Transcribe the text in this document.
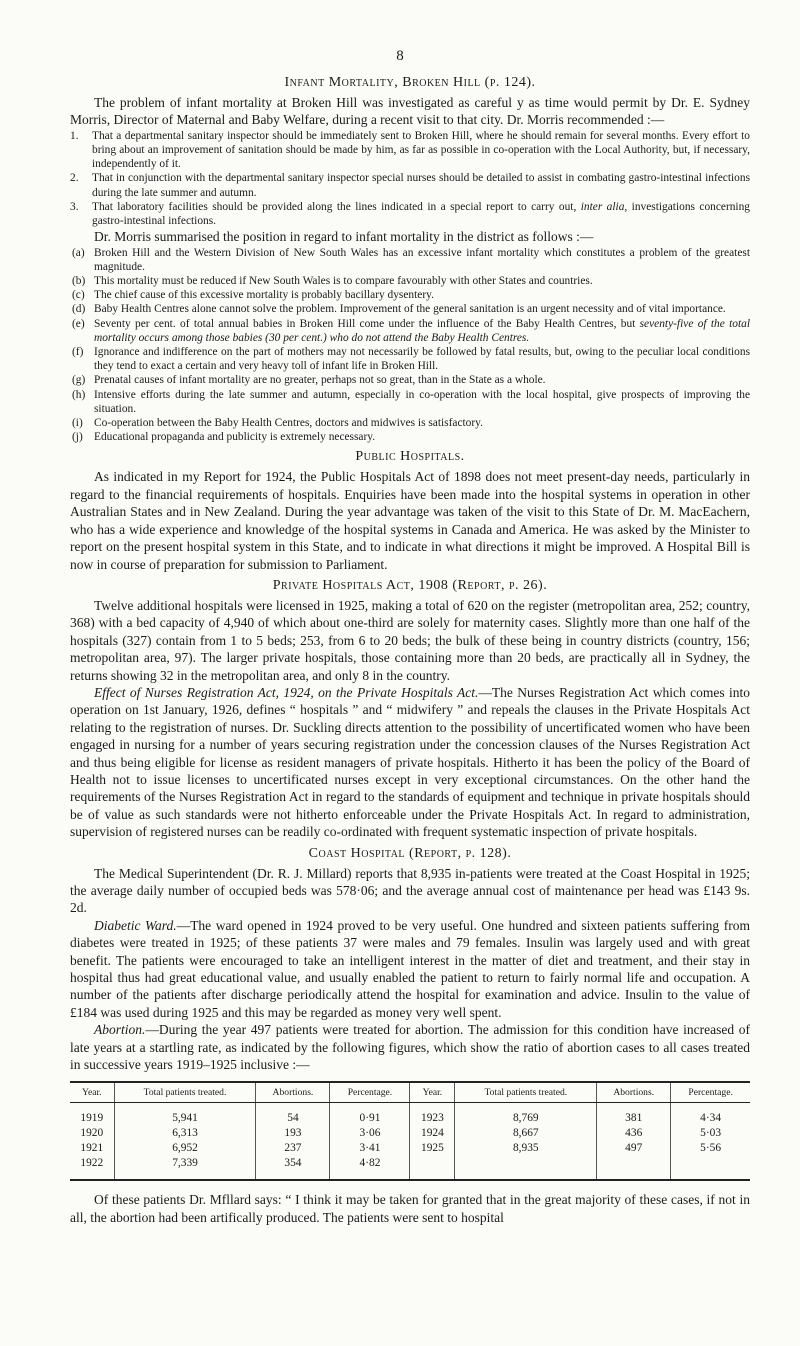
8
Infant Mortality, Broken Hill (p. 124).

The problem of infant mortality at Broken Hill was investigated as careful y as time would permit by Dr. E. Sydney Morris, Director of Maternal and Baby Welfare, during a recent visit to that city. Dr. Morris recommended :—

1. That a departmental sanitary inspector should be immediately sent to Broken Hill, where he should remain for several months. Every effort to bring about an improvement of sanitation should be made by him, as far as possible in co-operation with the Local Authority, but, if necessary, independently of it.
2. That in conjunction with the departmental sanitary inspector special nurses should be detailed to assist in combating gastro-intestinal infections during the late summer and autumn.
3. That laboratory facilities should be provided along the lines indicated in a special report to carry out, inter alia, investigations concerning gastro-intestinal infections.

Dr. Morris summarised the position in regard to infant mortality in the district as follows :—

(a) Broken Hill and the Western Division of New South Wales has an excessive infant mortality which constitutes a problem of the greatest magnitude.
(b) This mortality must be reduced if New South Wales is to compare favourably with other States and countries.
(c) The chief cause of this excessive mortality is probably bacillary dysentery.
(d) Baby Health Centres alone cannot solve the problem. Improvement of the general sanitation is an urgent necessity and of vital importance.
(e) Seventy per cent. of total annual babies in Broken Hill come under the influence of the Baby Health Centres, but seventy-five of the total mortality occurs among those babies (30 per cent.) who do not attend the Baby Health Centres.
(f) Ignorance and indifference on the part of mothers may not necessarily be followed by fatal results, but, owing to the peculiar local conditions they tend to exact a certain and very heavy toll of infant life in Broken Hill.
(g) Prenatal causes of infant mortality are no greater, perhaps not so great, than in the State as a whole.
(h) Intensive efforts during the late summer and autumn, especially in co-operation with the local hospital, give prospects of improving the situation.
(i) Co-operation between the Baby Health Centres, doctors and midwives is satisfactory.
(j) Educational propaganda and publicity is extremely necessary.
Public Hospitals.

As indicated in my Report for 1924, the Public Hospitals Act of 1898 does not meet present-day needs, particularly in regard to the financial requirements of hospitals. Enquiries have been made into the hospital systems in operation in other Australian States and in New Zealand. During the year advantage was taken of the visit to this State of Dr. M. MacEachern, who has a wide experience and knowledge of the hospital systems in Canada and America. He was asked by the Minister to report on the present hospital system in this State, and to indicate in what directions it might be improved. A Hospital Bill is now in course of preparation for submission to Parliament.

Private Hospitals Act, 1908 (Report, p. 26).

Twelve additional hospitals were licensed in 1925, making a total of 620 on the register (metropolitan area, 252; country, 368) with a bed capacity of 4,940 of which about one-third are solely for maternity cases. Slightly more than one half of the hospitals (327) contain from 1 to 5 beds; 253, from 6 to 20 beds; the bulk of these being in country districts (country, 156; metropolitan area, 97). The larger private hospitals, those containing more than 20 beds, are practically all in Sydney, the returns showing 32 in the metropolitan area, and only 8 in the country.

Effect of Nurses Registration Act, 1924, on the Private Hospitals Act.—The Nurses Registration Act which comes into operation on 1st January, 1926, defines “ hospitals ” and “ midwifery ” and repeals the clauses in the Private Hospitals Act relating to the registration of nurses. Dr. Suckling directs attention to the possibility of uncertificated women who have been engaged in nursing for a number of years securing registration under the concession clauses of the Nurses Registration Act and thus being eligible for license as resident managers of private hospitals. Hitherto it has been the policy of the Board of Health not to issue licenses to uncertificated nurses except in very exceptional circumstances. On the other hand the requirements of the Nurses Registration Act in regard to the standards of equipment and technique in private hospitals should be of value as such standards were not hitherto enforceable under the Private Hospitals Act. In regard to administration, supervision of registered nurses can be readily co-ordinated with frequent systematic inspection of private hospitals.

Coast Hospital (Report, p. 128).

The Medical Superintendent (Dr. R. J. Millard) reports that 8,935 in-patients were treated at the Coast Hospital in 1925; the average daily number of occupied beds was 578·06; and the average annual cost of maintenance per head was £143 9s. 2d.

Diabetic Ward.—The ward opened in 1924 proved to be very useful. One hundred and sixteen patients suffering from diabetes were treated in 1925; of these patients 37 were males and 79 females. Insulin was largely used and with great benefit. The patients were encouraged to take an intelligent interest in the matter of diet and treatment, and their stay in hospital thus had great educational value, and usually enabled the patient to return to fairly normal life and occupation. A number of the patients after discharge periodically attend the hospital for examination and advice. Insulin to the value of £184 was used during 1925 and this may be regarded as money very well spent.

Abortion.—During the year 497 patients were treated for abortion. The admission for this condition have increased of late years at a startling rate, as indicated by the following figures, which show the ratio of abortion cases to all cases treated in successive years 1919–1925 inclusive :—

Year.	Total patients treated.	Abortions.	Percentage.	Year.	Total patients treated.	Abortions.	Percentage.
1919	5,941	54	0·91	1923	8,769	381	4·34
1920	6,313	193	3·06	1924	8,667	436	5·03
1921	6,952	237	3·41	1925	8,935	497	5·56
1922	7,339	354	4·82				

Of these patients Dr. Mfllard says: “ I think it may be taken for granted that in the great majority of these cases, if not in all, the abortion had been artifically produced. The patients were sent to hospital
